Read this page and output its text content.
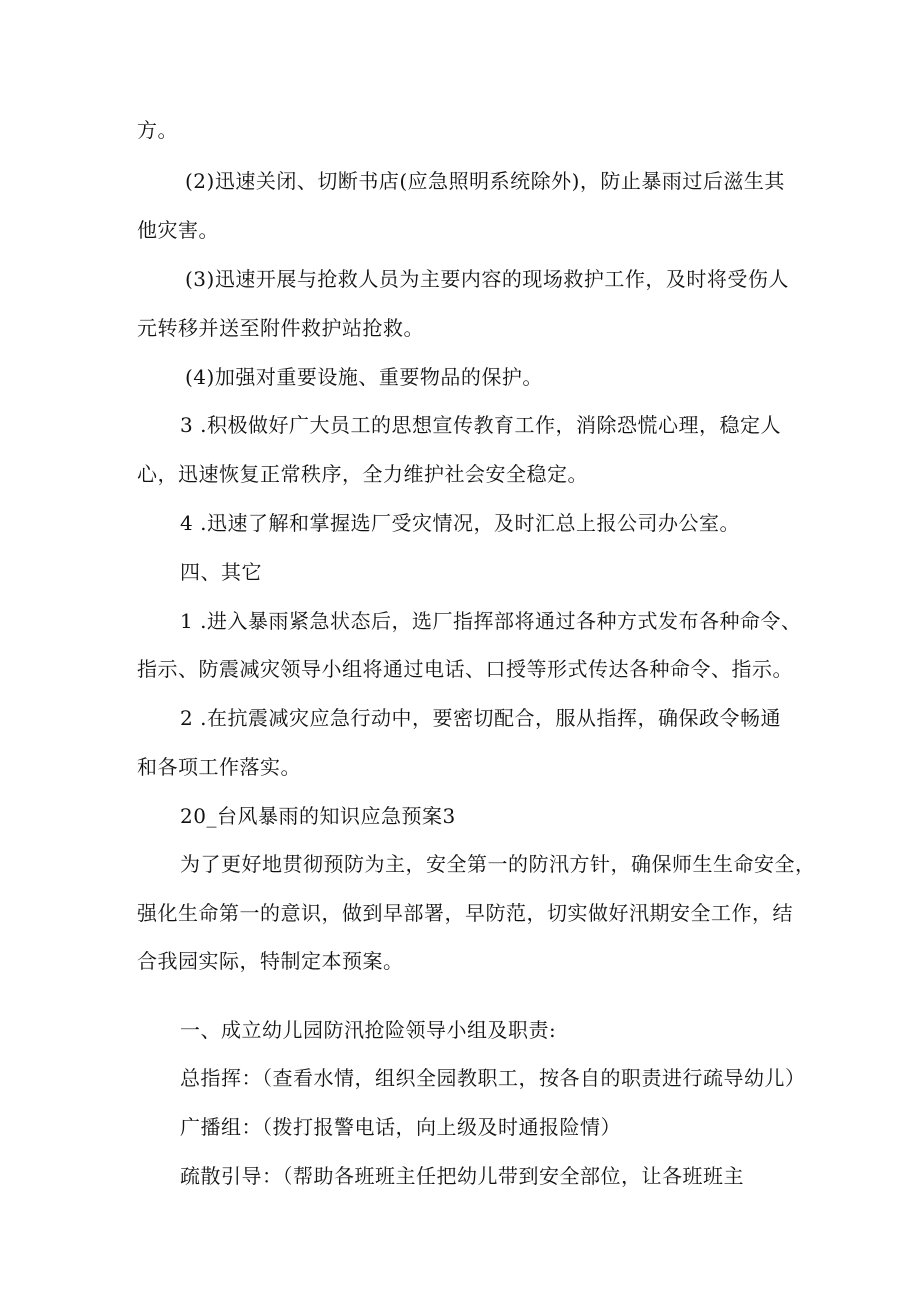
方。
(2)迅速关闭、切断书店(应急照明系统除外)，防止暴雨过后滋生其
他灾害。
(3)迅速开展与抢救人员为主要内容的现场救护工作，及时将受伤人
元转移并送至附件救护站抢救。
(4)加强对重要设施、重要物品的保护。
3 .积极做好广大员工的思想宣传教育工作，消除恐慌心理，稳定人
心，迅速恢复正常秩序，全力维护社会安全稳定。
4 .迅速了解和掌握选厂受灾情况，及时汇总上报公司办公室。
四、其它
1 .进入暴雨紧急状态后，选厂指挥部将通过各种方式发布各种命令、
指示、防震减灾领导小组将通过电话、口授等形式传达各种命令、指示。
2 .在抗震减灾应急行动中，要密切配合，服从指挥，确保政令畅通
和各项工作落实。
20_台风暴雨的知识应急预案3
为了更好地贯彻预防为主，安全第一的防汛方针，确保师生生命安全，
强化生命第一的意识，做到早部署，早防范，切实做好汛期安全工作，结
合我园实际，特制定本预案。
一、成立幼儿园防汛抢险领导小组及职责:
总指挥：（查看水情，组织全园教职工，按各自的职责进行疏导幼儿）
广播组：（拨打报警电话，向上级及时通报险情）
疏散引导：（帮助各班班主任把幼儿带到安全部位，让各班班主
